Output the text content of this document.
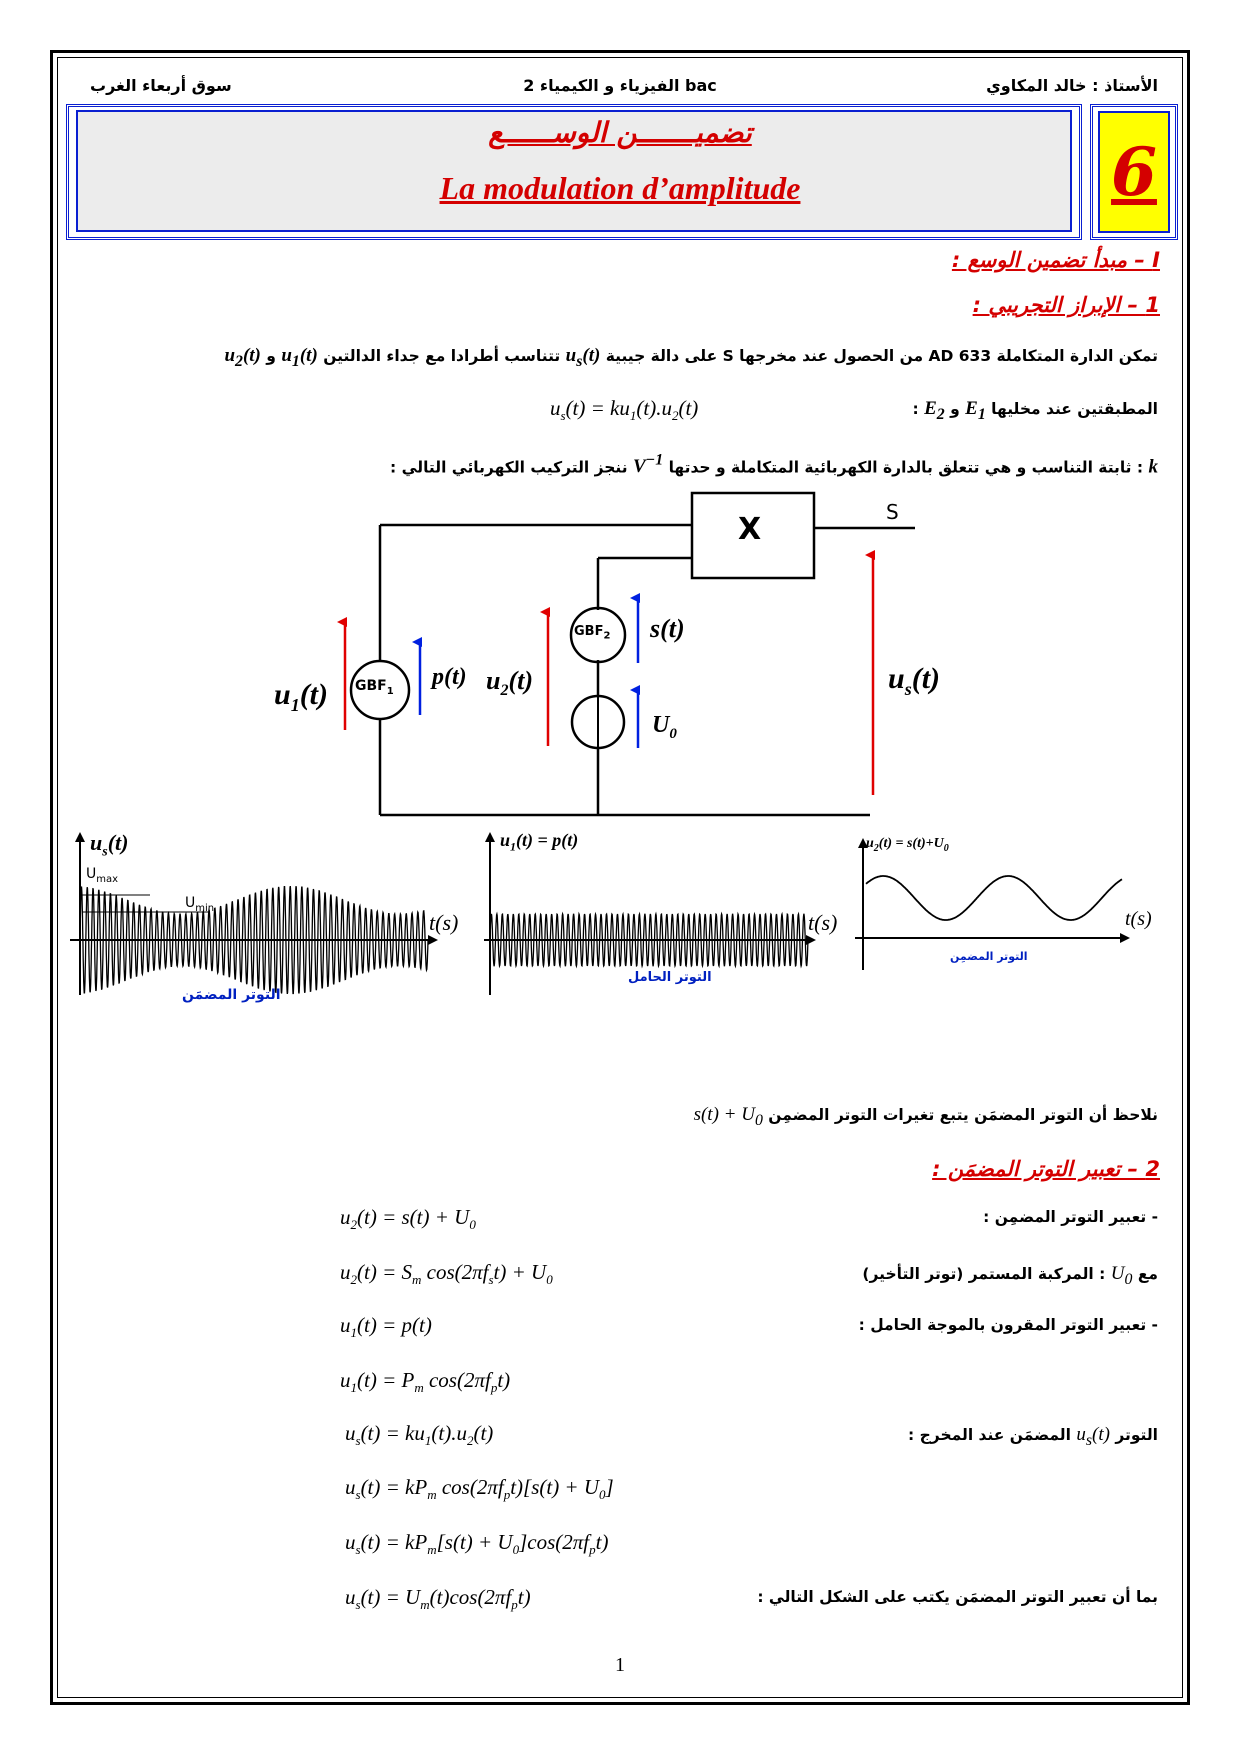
الأستاذ : خالد المكاوي
الفيزياء و الكيمياء 2 bac
سوق أربعاء الغرب
تضميـــــــن الوســــــع
La modulation d’amplitude	6
I – مبدأ تضمين الوسع :
1 – الإبراز التجريبي :
تمكن الدارة المتكاملة AD 633 من الحصول عند مخرجها S على دالة جيبية $u_s(t)$ تتناسب أطرادا مع جداء الدالتين $u_1(t)$ و $u_2(t)$
المطبقتين عند مخليها $E_1$ و $E_2$ :
$u_s(t) = ku_1(t).u_2(t)$
k : ثابتة التناسب و هي تتعلق بالدارة الكهربائية المتكاملة و حدتها $V^{-1}$ ننجز التركيب الكهربائي التالي :
X	S
$GBF_1$
$GBF_2$
$u_1(t)$
p(t) $u_2(t)$
s(t)
$U_0$
$u_s(t)$
$u_s(t)$
$U_{max}$
$U_{min}$
t(s)
التوتر المضمَن
$u_1(t) = p(t)$
t(s)
التوتر الحامل
$u_2(t) = s(t)+U_0$
t(s)
التوتر المضمِن
نلاحظ أن التوتر المضمَن يتبع تغيرات التوتر المضمِن $s(t) + U_0$
2 – تعبير التوتر المضمَن :
- تعبير التوتر المضمِن :
$u_2(t) = s(t) + U_0$
مع $U_0$ : المركبة المستمر (توتر التأخير)
$u_2(t) = S_m$ $\cos(2\pi f_st) + U_0$
- تعبير التوتر المقرون بالموجة الحامل :
$u_1(t) = p(t)$
$u_1(t) = P_m$ $\cos(2\pi f_pt)$
التوتر $u_s(t)$ المضمَن عند المخرج :
$u_s(t) = ku_1(t).u_2(t)$
$u_s(t) = kP_m$ $\cos(2\pi f_pt)[s(t) + U_0]$
$u_s(t) = kP_m[s(t) + U_0]\cos(2\pi f_pt)$
بما أن تعبير التوتر المضمَن يكتب على الشكل التالي :
$u_s(t) = U_m(t)\cos(2\pi f_pt)$
1
